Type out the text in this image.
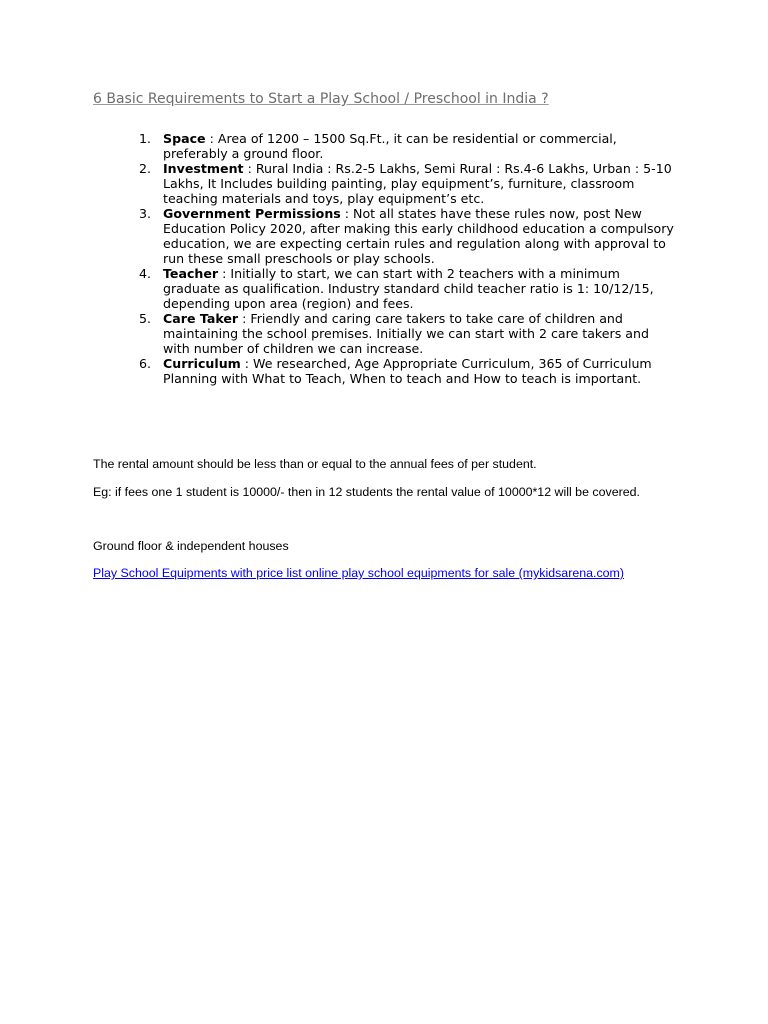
6 Basic Requirements to Start a Play School / Preschool in India ?
1. Space : Area of 1200 – 1500 Sq.Ft., it can be residential or commercial, preferably a ground floor.
2. Investment : Rural India : Rs.2-5 Lakhs, Semi Rural : Rs.4-6 Lakhs, Urban : 5-10 Lakhs, It Includes building painting, play equipment’s, furniture, classroom teaching materials and toys, play equipment’s etc.
3. Government Permissions : Not all states have these rules now, post New Education Policy 2020, after making this early childhood education a compulsory education, we are expecting certain rules and regulation along with approval to run these small preschools or play schools.
4. Teacher : Initially to start, we can start with 2 teachers with a minimum graduate as qualification. Industry standard child teacher ratio is 1: 10/12/15, depending upon area (region) and fees.
5. Care Taker : Friendly and caring care takers to take care of children and maintaining the school premises. Initially we can start with 2 care takers and with number of children we can increase.
6. Curriculum : We researched, Age Appropriate Curriculum, 365 of Curriculum Planning with What to Teach, When to teach and How to teach is important.
The rental amount should be less than or equal to the annual fees of per student.
Eg: if fees one 1 student is 10000/- then in 12 students the rental value of 10000*12 will be covered.
Ground floor & independent houses
Play School Equipments with price list online play school equipments for sale (mykidsarena.com)
